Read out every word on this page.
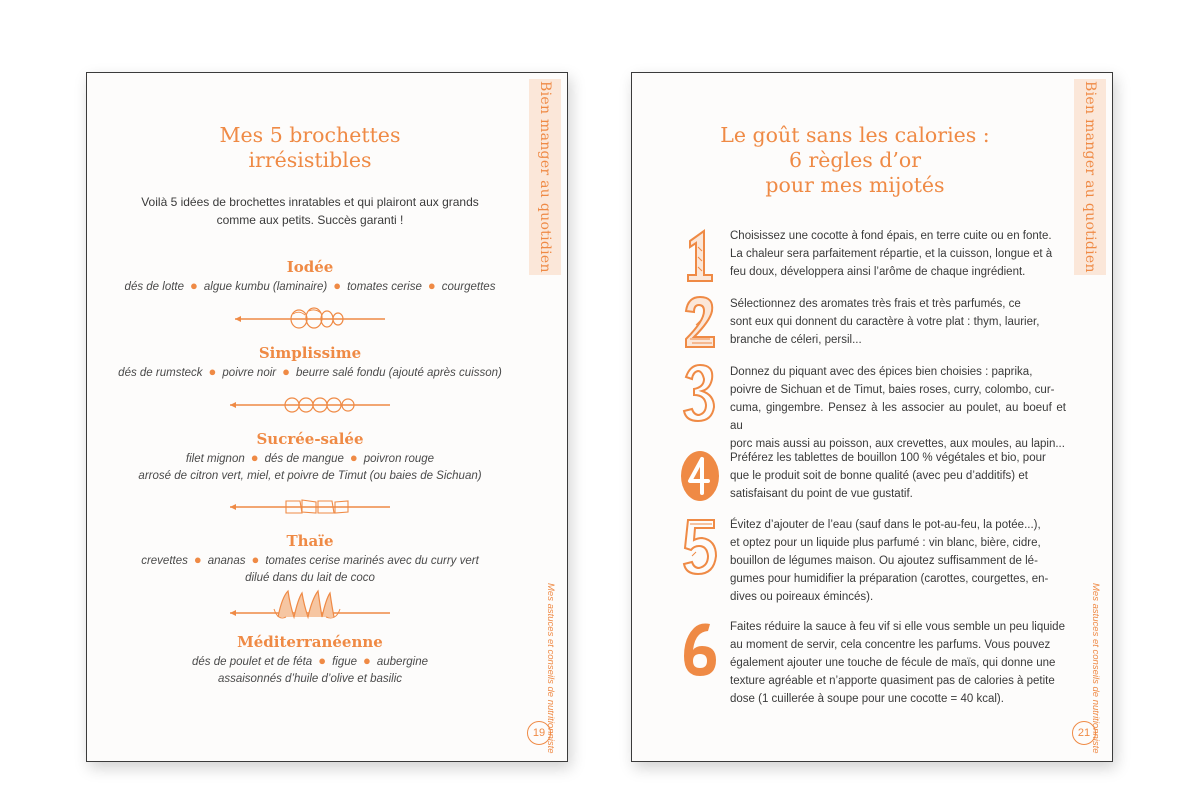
Bien manger au quotidien
Mes astuces et conseils de nutritionniste
19
Mes 5 brochettes
irrésistibles
Voilà 5 idées de brochettes inratables et qui plairont aux grands
comme aux petits. Succès garanti !
Iodée
dés de lotte ● algue kumbu (laminaire) ● tomates cerise ● courgettes
Simplissime
dés de rumsteck ● poivre noir ● beurre salé fondu (ajouté après cuisson)
Sucrée-salée
filet mignon ● dés de mangue ● poivron rouge
arrosé de citron vert, miel, et poivre de Timut (ou baies de Sichuan)
Thaïe
crevettes ● ananas ● tomates cerise marinés avec du curry vert
dilué dans du lait de coco
Méditerranéenne
dés de poulet et de féta ● figue ● aubergine
assaisonnés d’huile d’olive et basilic
Bien manger au quotidien
Mes astuces et conseils de nutritionniste
21
Le goût sans les calories :
6 règles d’or
pour mes mijotés
Choisissez une cocotte à fond épais, en terre cuite ou en fonte.
La chaleur sera parfaitement répartie, et la cuisson, longue et à
feu doux, développera ainsi l’arôme de chaque ingrédient.
Sélectionnez des aromates très frais et très parfumés, ce
sont eux qui donnent du caractère à votre plat : thym, laurier,
branche de céleri, persil...
Donnez du piquant avec des épices bien choisies : paprika,
poivre de Sichuan et de Timut, baies roses, curry, colombo, cur-
cuma, gingembre. Pensez à les associer au poulet, au boeuf et au
porc mais aussi au poisson, aux crevettes, aux moules, au lapin...
Préférez les tablettes de bouillon 100 % végétales et bio, pour
que le produit soit de bonne qualité (avec peu d’additifs) et
satisfaisant du point de vue gustatif.
Évitez d’ajouter de l’eau (sauf dans le pot-au-feu, la potée...),
et optez pour un liquide plus parfumé : vin blanc, bière, cidre,
bouillon de légumes maison. Ou ajoutez suffisamment de lé-
gumes pour humidifier la préparation (carottes, courgettes, en-
dives ou poireaux émincés).
Faites réduire la sauce à feu vif si elle vous semble un peu liquide
au moment de servir, cela concentre les parfums. Vous pouvez
également ajouter une touche de fécule de maïs, qui donne une
texture agréable et n’apporte quasiment pas de calories à petite
dose (1 cuillerée à soupe pour une cocotte = 40 kcal).
